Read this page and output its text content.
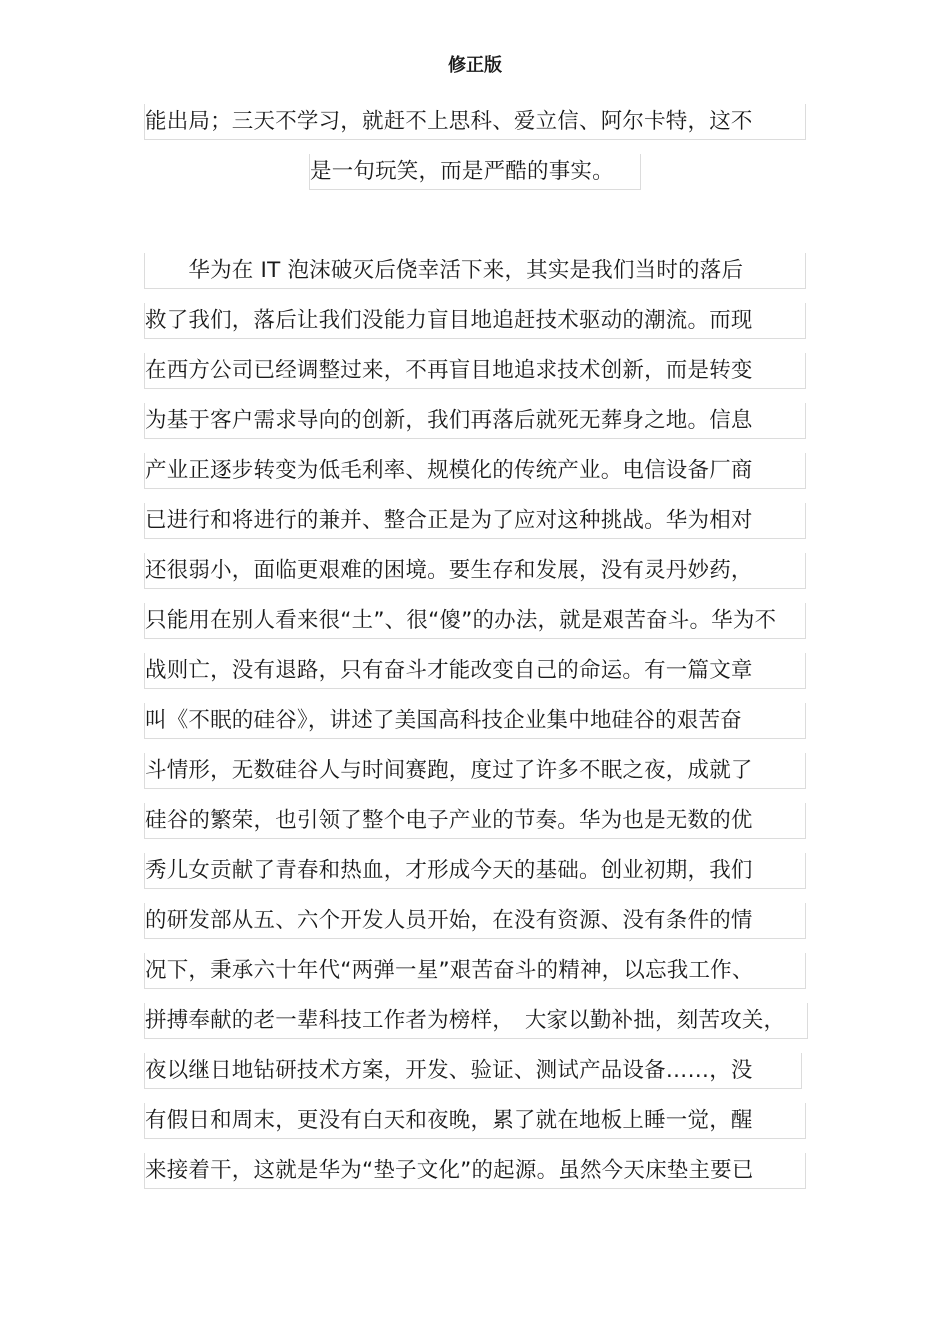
修正版
能出局；三天不学习，就赶不上思科、爱立信、阿尔卡特，这不
是一句玩笑，而是严酷的事实。
　　华为在 IT 泡沫破灭后侥幸活下来，其实是我们当时的落后
救了我们，落后让我们没能力盲目地追赶技术驱动的潮流。而现
在西方公司已经调整过来，不再盲目地追求技术创新，而是转变
为基于客户需求导向的创新，我们再落后就死无葬身之地。信息
产业正逐步转变为低毛利率、规模化的传统产业。电信设备厂商
已进行和将进行的兼并、整合正是为了应对这种挑战。华为相对
还很弱小，面临更艰难的困境。要生存和发展，没有灵丹妙药，
只能用在别人看来很“土”、很“傻”的办法，就是艰苦奋斗。华为不
战则亡，没有退路，只有奋斗才能改变自己的命运。有一篇文章
叫《不眠的硅谷》，讲述了美国高科技企业集中地硅谷的艰苦奋
斗情形，无数硅谷人与时间赛跑，度过了许多不眠之夜，成就了
硅谷的繁荣，也引领了整个电子产业的节奏。华为也是无数的优
秀儿女贡献了青春和热血，才形成今天的基础。创业初期，我们
的研发部从五、六个开发人员开始，在没有资源、没有条件的情
况下，秉承六十年代“两弹一星”艰苦奋斗的精神，以忘我工作、
拼搏奉献的老一辈科技工作者为榜样，　大家以勤补拙，刻苦攻关，
夜以继日地钻研技术方案，开发、验证、测试产品设备……，没
有假日和周末，更没有白天和夜晚，累了就在地板上睡一觉，醒
来接着干，这就是华为“垫子文化”的起源。虽然今天床垫主要已
